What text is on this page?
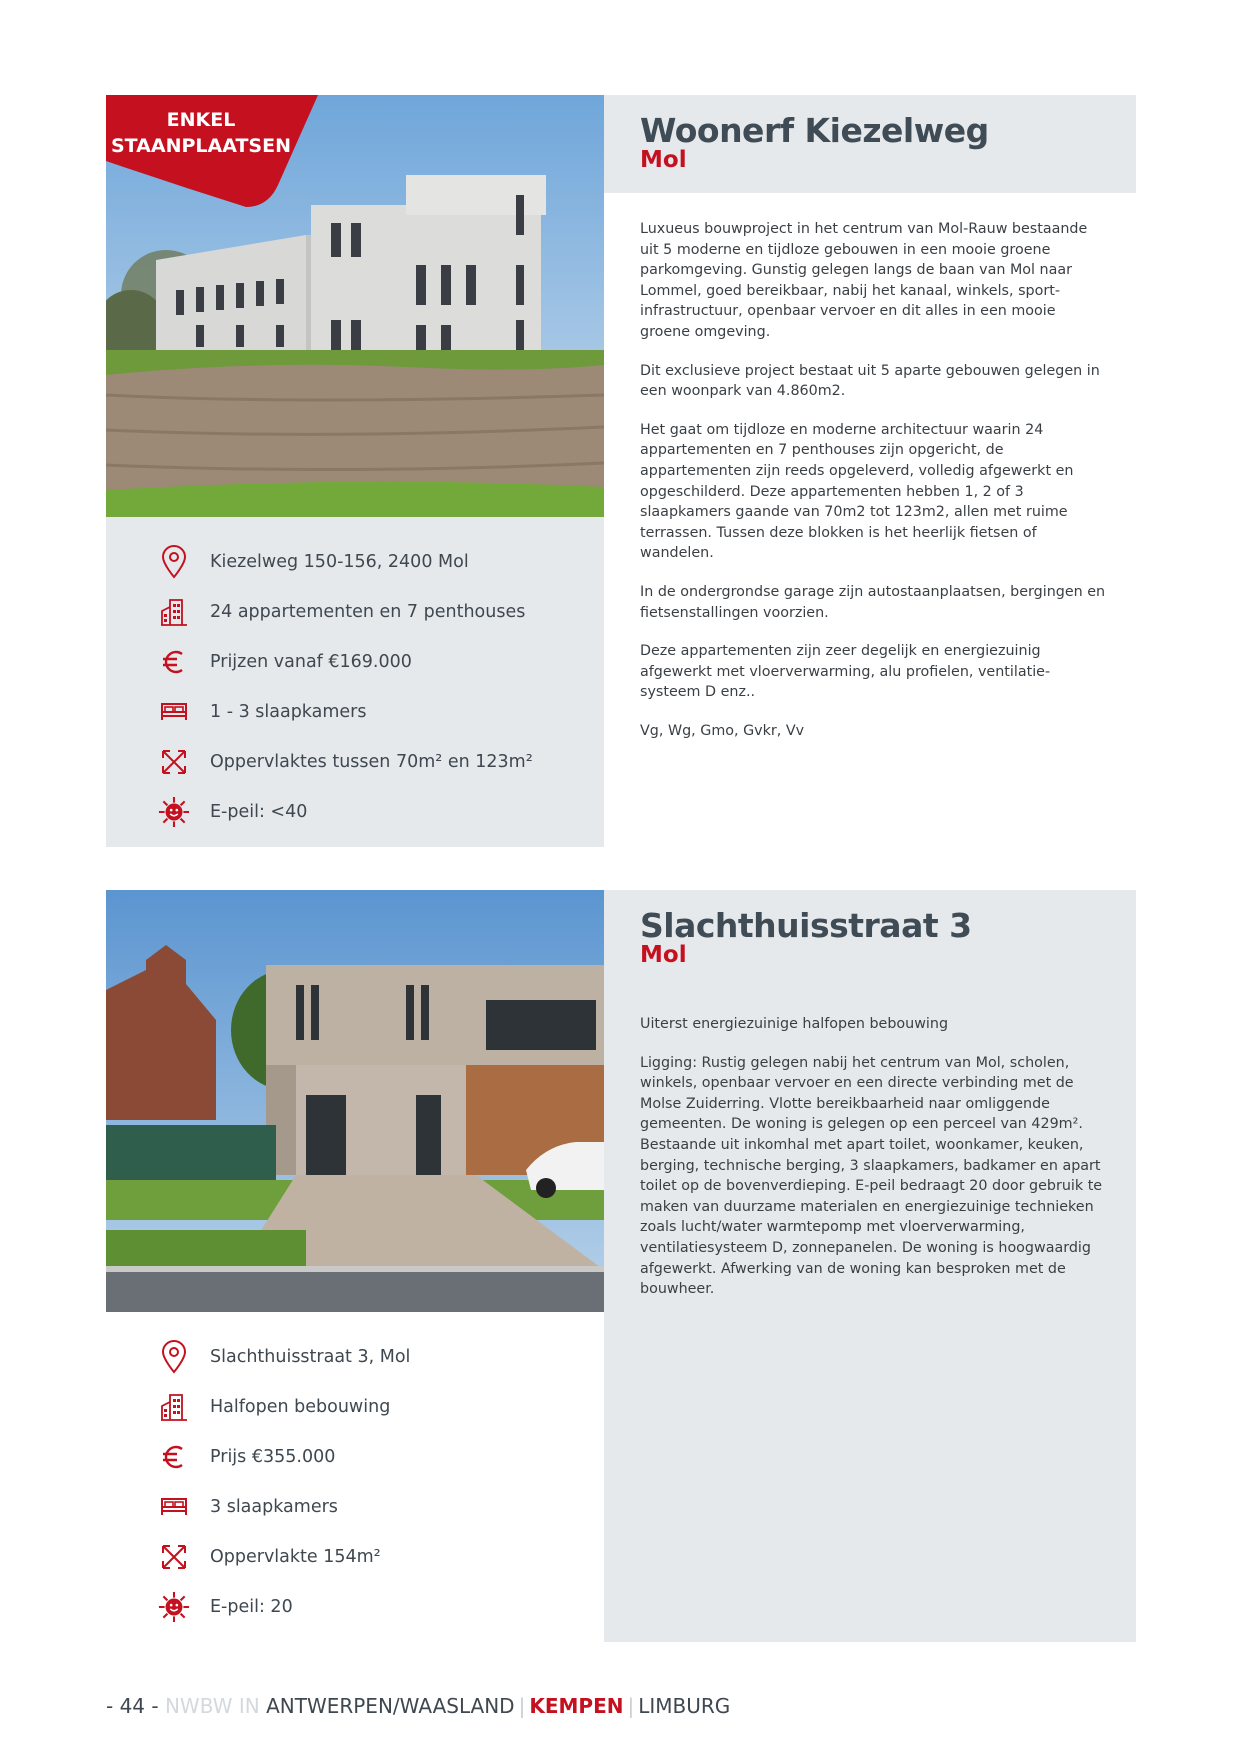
ENKEL
STAANPLAATSEN
Kiezelweg 150-156, 2400 Mol
24 appartementen en 7 penthouses
Prijzen vanaf €169.000
1 - 3 slaapkamers
Oppervlaktes tussen 70m² en 123m²
E-peil: <40
Woonerf Kiezelweg
Mol

Luxueus bouwproject in het centrum van Mol-Rauw bestaande uit 5 moderne en tijdloze gebouwen in een mooie groene parkomgeving. Gunstig gelegen langs de baan van Mol naar Lommel, goed bereikbaar, nabij het kanaal, winkels, sport-infrastructuur, openbaar vervoer en dit alles in een mooie groene omgeving.

Dit exclusieve project bestaat uit 5 aparte gebouwen gelegen in een woonpark van 4.860m2.

Het gaat om tijdloze en moderne architectuur waarin 24 appartementen en 7 penthouses zijn opgericht, de appartementen zijn reeds opgeleverd, volledig afgewerkt en opgeschilderd. Deze appartementen hebben 1, 2 of 3 slaapkamers gaande van 70m2 tot 123m2, allen met ruime terrassen. Tussen deze blokken is het heerlijk fietsen of wandelen.

In de ondergrondse garage zijn autostaanplaatsen, bergingen en fietsenstallingen voorzien.

Deze appartementen zijn zeer degelijk en energiezuinig afgewerkt met vloerverwarming, alu profielen, ventilatie-systeem D enz..

Vg, Wg, Gmo, Gvkr, Vv

Slachthuisstraat 3, Mol
Halfopen bebouwing
Prijs €355.000
3 slaapkamers
Oppervlakte 154m²
E-peil: 20
Slachthuisstraat 3
Mol

Uiterst energiezuinige halfopen bebouwing

Ligging: Rustig gelegen nabij het centrum van Mol, scholen, winkels, openbaar vervoer en een directe verbinding met de Molse Zuiderring. Vlotte bereikbaarheid naar omliggende gemeenten. De woning is gelegen op een perceel van 429m². Bestaande uit inkomhal met apart toilet, woonkamer, keuken, berging, technische berging, 3 slaapkamers, badkamer en apart toilet op de bovenverdieping. E-peil bedraagt 20 door gebruik te maken van duurzame materialen en energiezuinige technieken zoals lucht/water warmtepomp met vloerverwarming, ventilatiesysteem D, zonnepanelen. De woning is hoogwaardig afgewerkt. Afwerking van de woning kan besproken met de bouwheer.

- 44 - NWBW IN ANTWERPEN/WAASLAND | KEMPEN | LIMBURG
